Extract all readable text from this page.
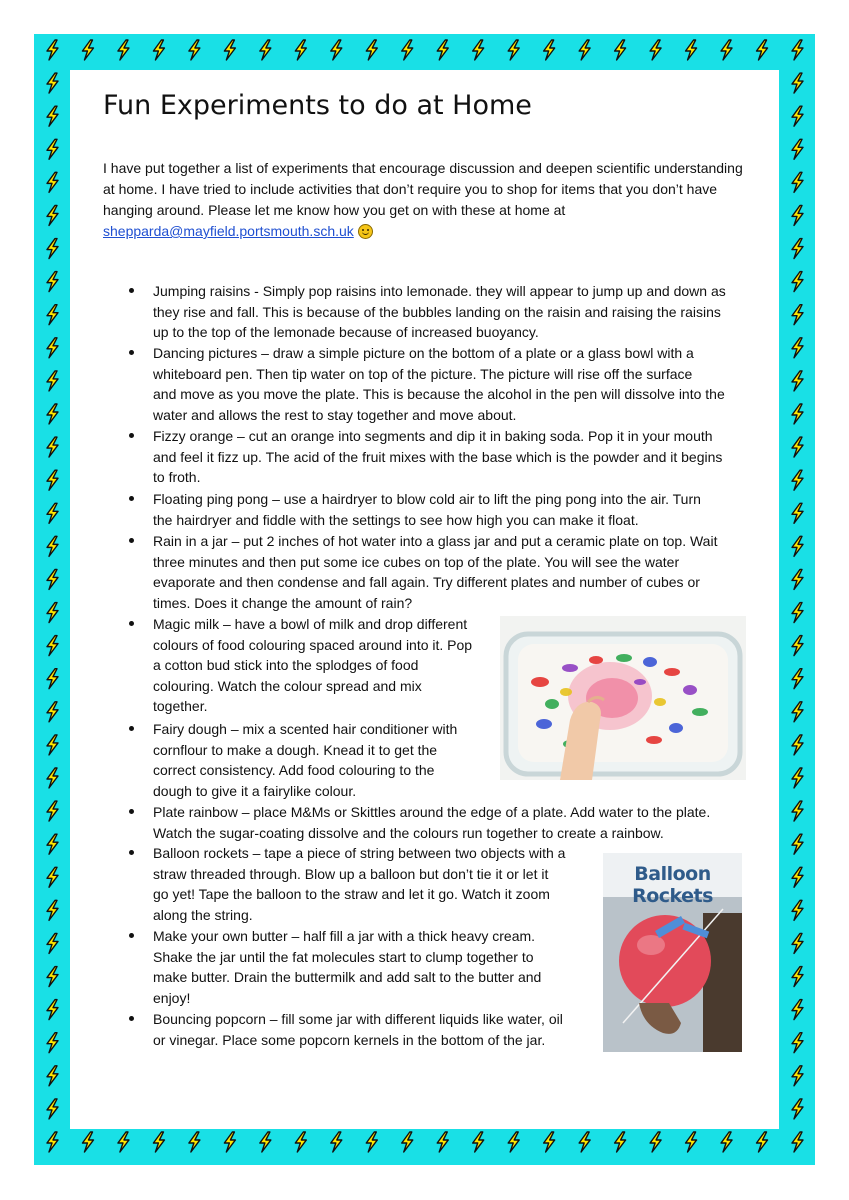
Fun Experiments to do at Home
I have put together a list of experiments that encourage discussion and deepen scientific understanding at home. I have tried to include activities that don’t require you to shop for items that you don’t have hanging around. Please let me know how you get on with these at home at
sheppardа@mayfield.portsmouth.sch.uk
Jumping raisins - Simply pop raisins into lemonade. they will appear to jump up and down as
they rise and fall. This is because of the bubbles landing on the raisin and raising the raisins
up to the top of the lemonade because of increased buoyancy.
Dancing pictures – draw a simple picture on the bottom of a plate or a glass bowl with a
whiteboard pen. Then tip water on top of the picture. The picture will rise off the surface
and move as you move the plate. This is because the alcohol in the pen will dissolve into the
water and allows the rest to stay together and move about.
Fizzy orange – cut an orange into segments and dip it in baking soda. Pop it in your mouth
and feel it fizz up. The acid of the fruit mixes with the base which is the powder and it begins
to froth.
Floating ping pong – use a hairdryer to blow cold air to lift the ping pong into the air. Turn
the hairdryer and fiddle with the settings to see how high you can make it float.
Rain in a jar – put 2 inches of hot water into a glass jar and put a ceramic plate on top. Wait
three minutes and then put some ice cubes on top of the plate. You will see the water
evaporate and then condense and fall again. Try different plates and number of cubes or
times. Does it change the amount of rain?
Magic milk – have a bowl of milk and drop different
colours of food colouring spaced around into it. Pop
a cotton bud stick into the splodges of food
colouring. Watch the colour spread and mix
together.
Fairy dough – mix a scented hair conditioner with
cornflour to make a dough. Knead it to get the
correct consistency. Add food colouring to the
dough to give it a fairylike colour.
Plate rainbow – place M&Ms or Skittles around the edge of a plate. Add water to the plate.
Watch the sugar-coating dissolve and the colours run together to create a rainbow.
Balloon rockets – tape a piece of string between two objects with a
straw threaded through. Blow up a balloon but don’t tie it or let it
go yet! Tape the balloon to the straw and let it go. Watch it zoom
along the string.
Make your own butter – half fill a jar with a thick heavy cream.
Shake the jar until the fat molecules start to clump together to
make butter. Drain the buttermilk and add salt to the butter and
enjoy!
Bouncing popcorn – fill some jar with different liquids like water, oil
or vinegar. Place some popcorn kernels in the bottom of the jar.
Balloon Rockets
